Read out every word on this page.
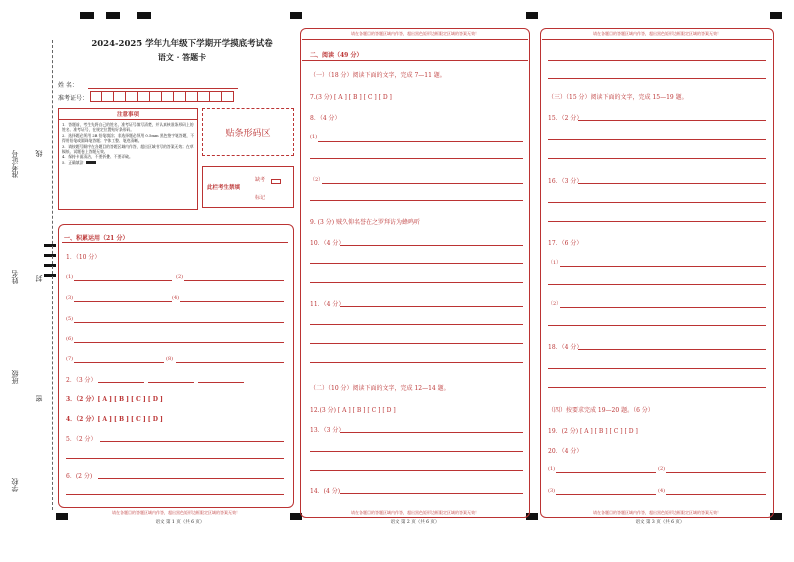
准考证号
姓名
班级
学校
线
封
密
2024-2025 学年九年级下学期开学摸底考试卷
语文 · 答题卡
姓 名：
准考证号：
注意事项
1．答题前，考生先将自己的姓名，准考证号填写清楚，并认真核准条形码上的姓名、准考证号，在规定位置贴好条形码。
2．选择题必须用 2B 铅笔填涂；非选择题必须用 0.5mm 黑色签字笔答题，不得用铅笔或圆珠笔答题；字体工整、笔迹清晰。
3．请按题号顺序在各题目的答题区域内作答，超出区域书写的答案无效；在草稿纸、试题卷上答题无效。
4．保持卡面清洁，不要折叠、不要弄破。
5．正确填涂
贴条形码区
此栏考生禁填
缺考
标记
一、积累运用（21 分）
1．（10 分）
(1)	(2)
(3)	(4)
(5)
(6)
(7)	(8)
2．（3 分）
3．（2 分）[ A ] [ B ] [ C ] [ D ]
4．（2 分）[ A ] [ B ] [ C ] [ D ]
5．（2 分）
6．(2 分)
请在各题目的答题区域内作答，超出黑色矩形边框限定区域的答案无效！
语文 第 1 页（共 6 页）
请在各题目的答题区域内作答，超出黑色矩形边框限定区域的答案无效！
二、阅读（49 分）
（一）（18 分）阅读下面的文字，完成 7—11 题。
7.(3 分) [ A ] [ B ] [ C ] [ D ]
8．（4 分）
(1)
（2）
9. (3 分) 贼久仰名誉在之罗拜访为蜂鸣听
10．（4 分）
11．（4 分）
（二）（10 分）阅读下面的文字，完成 12—14 题。
12.(3 分) [ A ] [ B ] [ C ] [ D ]
13．（3 分）
14．(4 分)
请在各题目的答题区域内作答，超出黑色矩形边框限定区域的答案无效！
语文 第 2 页（共 6 页）
请在各题目的答题区域内作答，超出黑色矩形边框限定区域的答案无效！
（三）（15 分）阅读下面的文字，完成 15—19 题。
15．（2 分）
16．（3 分）
17．（6 分）
（1）
（2）
18．（4 分）
（四）按要求完成 19—20 题。（6 分）
19．(2 分) [ A ] [ B ] [ C ] [ D ]
20．（4 分）
(1)	(2)
(3)	(4)
请在各题目的答题区域内作答，超出黑色矩形边框限定区域的答案无效！
语文 第 3 页（共 6 页）
